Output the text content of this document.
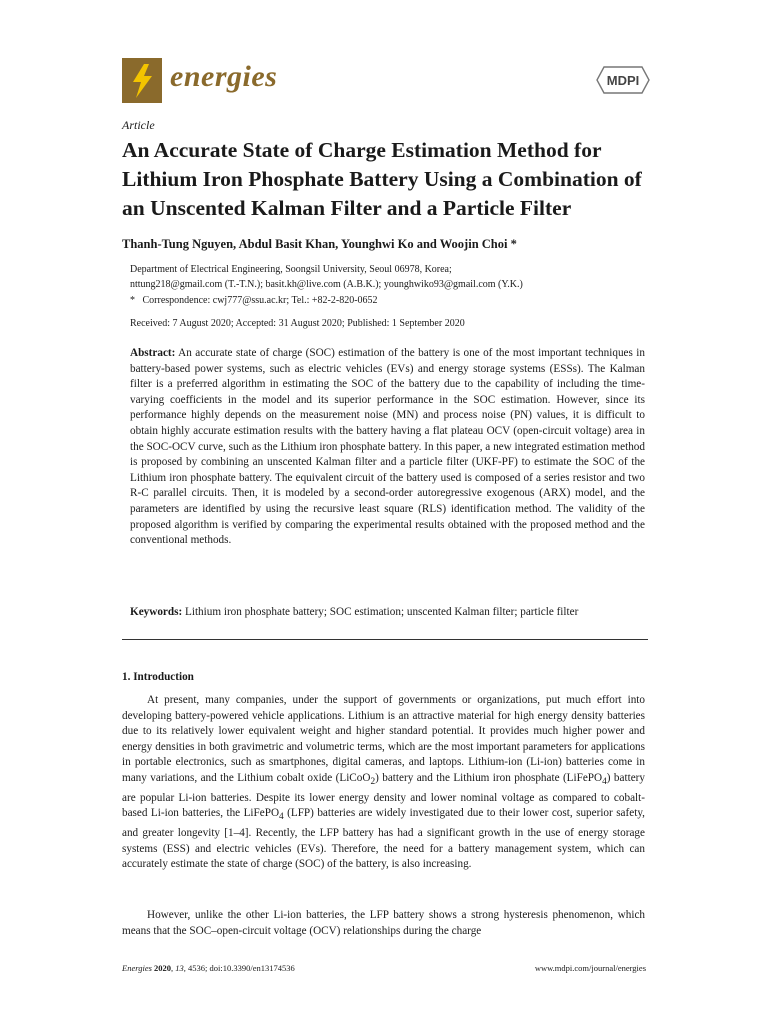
energies	MDPI
Article
An Accurate State of Charge Estimation Method for Lithium Iron Phosphate Battery Using a Combination of an Unscented Kalman Filter and a Particle Filter
Thanh-Tung Nguyen, Abdul Basit Khan, Younghwi Ko and Woojin Choi *
Department of Electrical Engineering, Soongsil University, Seoul 06978, Korea;
nttung218@gmail.com (T.-T.N.); basit.kh@live.com (A.B.K.); younghwiko93@gmail.com (Y.K.)
* Correspondence: cwj777@ssu.ac.kr; Tel.: +82-2-820-0652
Received: 7 August 2020; Accepted: 31 August 2020; Published: 1 September 2020

Abstract: An accurate state of charge (SOC) estimation of the battery is one of the most important techniques in battery-based power systems, such as electric vehicles (EVs) and energy storage systems (ESSs). The Kalman filter is a preferred algorithm in estimating the SOC of the battery due to the capability of including the time-varying coefficients in the model and its superior performance in the SOC estimation. However, since its performance highly depends on the measurement noise (MN) and process noise (PN) values, it is difficult to obtain highly accurate estimation results with the battery having a flat plateau OCV (open-circuit voltage) area in the SOC-OCV curve, such as the Lithium iron phosphate battery. In this paper, a new integrated estimation method is proposed by combining an unscented Kalman filter and a particle filter (UKF-PF) to estimate the SOC of the Lithium iron phosphate battery. The equivalent circuit of the battery used is composed of a series resistor and two R-C parallel circuits. Then, it is modeled by a second-order autoregressive exogenous (ARX) model, and the parameters are identified by using the recursive least square (RLS) identification method. The validity of the proposed algorithm is verified by comparing the experimental results obtained with the proposed method and the conventional methods.

Keywords: Lithium iron phosphate battery; SOC estimation; unscented Kalman filter; particle filter
1. Introduction

At present, many companies, under the support of governments or organizations, put much effort into developing battery-powered vehicle applications. Lithium is an attractive material for high energy density batteries due to its relatively lower equivalent weight and higher standard potential. It provides much higher power and energy densities in both gravimetric and volumetric terms, which are the most important parameters for applications in portable electronics, such as smartphones, digital cameras, and laptops. Lithium-ion (Li-ion) batteries come in many variations, and the Lithium cobalt oxide (LiCoO$_2$) battery and the Lithium iron phosphate (LiFePO$_4$) battery are popular Li-ion batteries. Despite its lower energy density and lower nominal voltage as compared to cobalt-based Li-ion batteries, the LiFePO$_4$ (LFP) batteries are widely investigated due to their lower cost, superior safety, and greater longevity [1–4]. Recently, the LFP battery has had a significant growth in the use of energy storage systems (ESS) and electric vehicles (EVs). Therefore, the need for a battery management system, which can accurately estimate the state of charge (SOC) of the battery, is also increasing.

However, unlike the other Li-ion batteries, the LFP battery shows a strong hysteresis phenomenon, which means that the SOC–open-circuit voltage (OCV) relationships during the charge

Energies 2020, 13, 4536; doi:10.3390/en13174536	www.mdpi.com/journal/energies
